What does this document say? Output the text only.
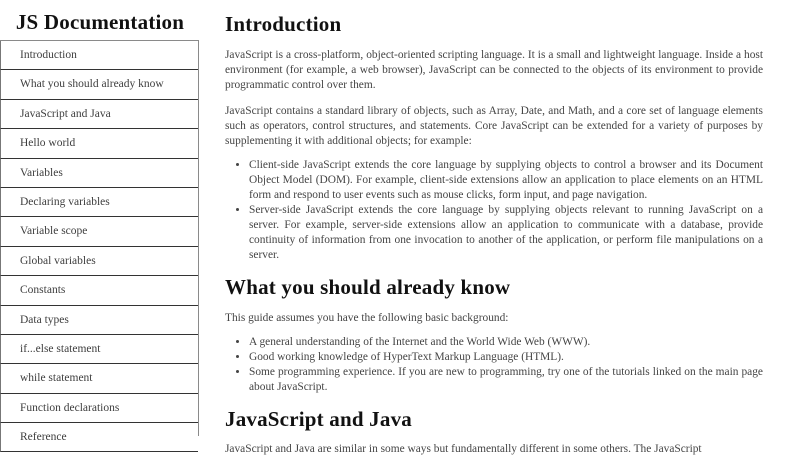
JS Documentation
Introduction
What you should already know
JavaScript and Java
Hello world
Variables
Declaring variables
Variable scope
Global variables
Constants
Data types
if...else statement
while statement
Function declarations
Reference
Introduction

JavaScript is a cross-platform, object-oriented scripting language. It is a small and lightweight language. Inside a host environment (for example, a web browser), JavaScript can be connected to the objects of its environment to provide programmatic control over them.

JavaScript contains a standard library of objects, such as Array, Date, and Math, and a core set of language elements such as operators, control structures, and statements. Core JavaScript can be extended for a variety of purposes by supplementing it with additional objects; for example:

• Client-side JavaScript extends the core language by supplying objects to control a browser and its Document Object Model (DOM). For example, client-side extensions allow an application to place elements on an HTML form and respond to user events such as mouse clicks, form input, and page navigation.
• Server-side JavaScript extends the core language by supplying objects relevant to running JavaScript on a server. For example, server-side extensions allow an application to communicate with a database, provide continuity of information from one invocation to another of the application, or perform file manipulations on a server.
What you should already know

This guide assumes you have the following basic background:

• A general understanding of the Internet and the World Wide Web (WWW).
• Good working knowledge of HyperText Markup Language (HTML).
• Some programming experience. If you are new to programming, try one of the tutorials linked on the main page about JavaScript.
JavaScript and Java

JavaScript and Java are similar in some ways but fundamentally different in some others. The JavaScript
